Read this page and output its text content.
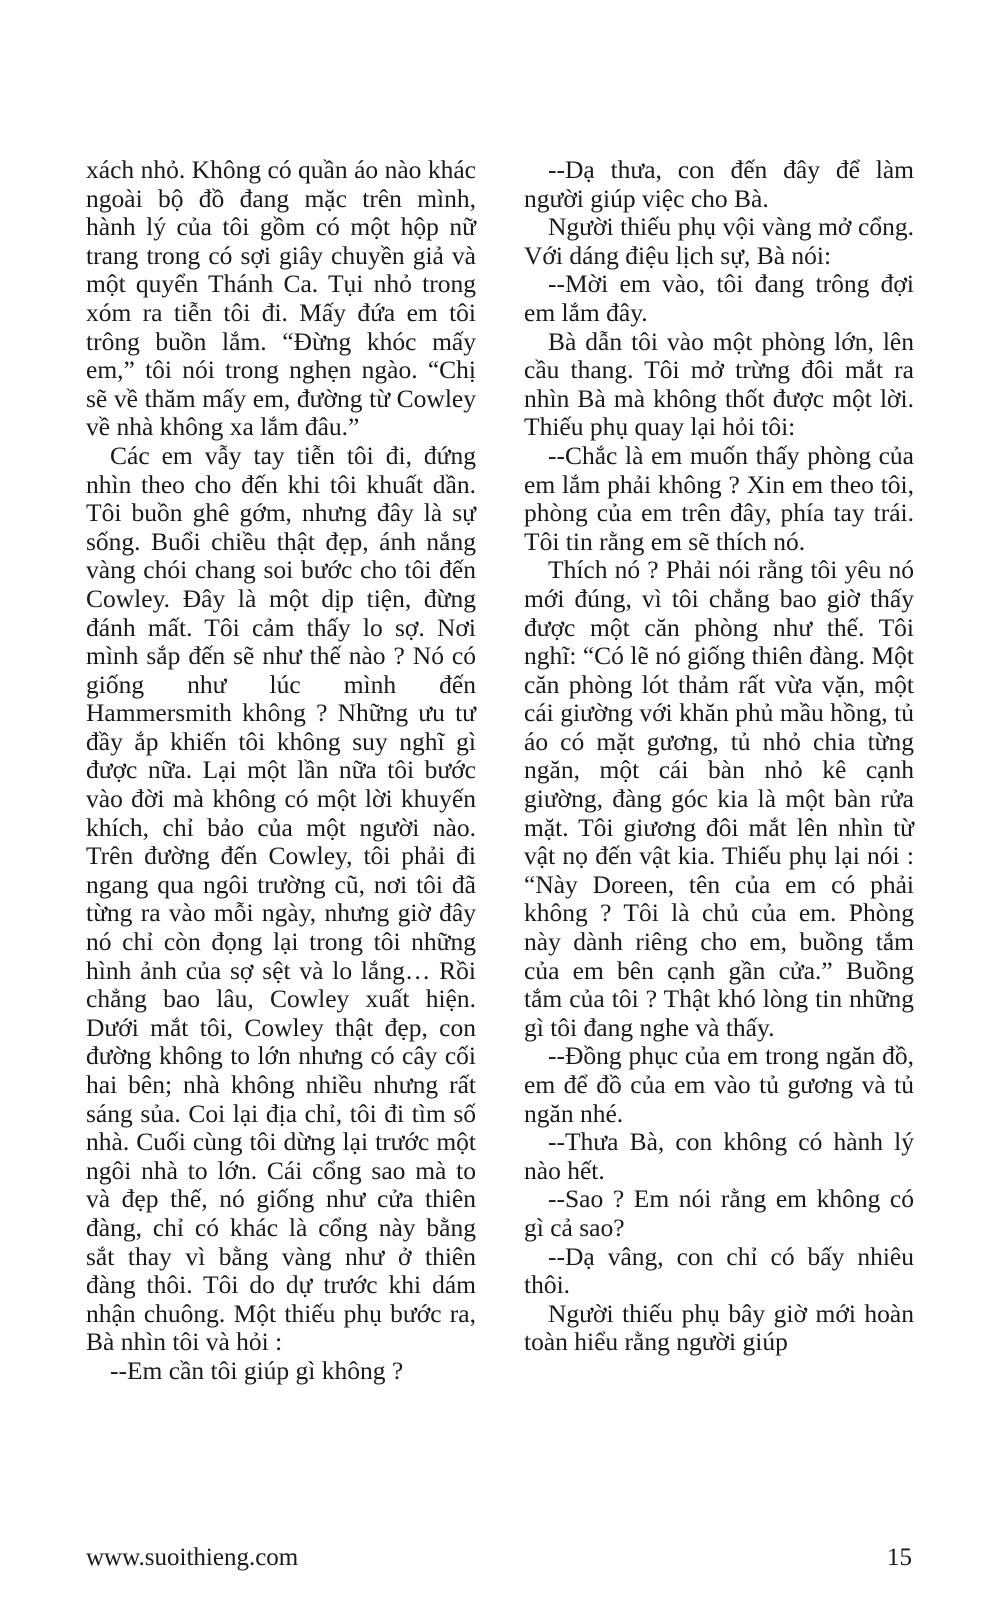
xách nhỏ. Không có quần áo nào khác ngoài bộ đồ đang mặc trên mình, hành lý của tôi gồm có một hộp nữ trang trong có sợi giây chuyền giả và một quyển Thánh Ca. Tụi nhỏ trong xóm ra tiễn tôi đi. Mấy đứa em tôi trông buồn lắm. “Đừng khóc mấy em,” tôi nói trong nghẹn ngào. “Chị sẽ về thăm mấy em, đường từ Cowley về nhà không xa lắm đâu.”

Các em vẫy tay tiễn tôi đi, đứng nhìn theo cho đến khi tôi khuất dần. Tôi buồn ghê gớm, nhưng đây là sự sống. Buổi chiều thật đẹp, ánh nắng vàng chói chang soi bước cho tôi đến Cowley. Đây là một dịp tiện, đừng đánh mất. Tôi cảm thấy lo sợ. Nơi mình sắp đến sẽ như thế nào ? Nó có giống như lúc mình đến Hammersmith không ? Những ưu tư đầy ắp khiến tôi không suy nghĩ gì được nữa. Lại một lần nữa tôi bước vào đời mà không có một lời khuyến khích, chỉ bảo của một người nào. Trên đường đến Cowley, tôi phải đi ngang qua ngôi trường cũ, nơi tôi đã từng ra vào mỗi ngày, nhưng giờ đây nó chỉ còn đọng lại trong tôi những hình ảnh của sợ sệt và lo lắng… Rồi chẳng bao lâu, Cowley xuất hiện. Dưới mắt tôi, Cowley thật đẹp, con đường không to lớn nhưng có cây cối hai bên; nhà không nhiều nhưng rất sáng sủa. Coi lại địa chỉ, tôi đi tìm số nhà. Cuối cùng tôi dừng lại trước một ngôi nhà to lớn. Cái cổng sao mà to và đẹp thế, nó giống như cửa thiên đàng, chỉ có khác là cổng này bằng sắt thay vì bằng vàng như ở thiên đàng thôi. Tôi do dự trước khi dám nhận chuông. Một thiếu phụ bước ra, Bà nhìn tôi và hỏi :

--Em cần tôi giúp gì không ?

--Dạ thưa, con đến đây để làm người giúp việc cho Bà.

Người thiếu phụ vội vàng mở cổng. Với dáng điệu lịch sự, Bà nói:

--Mời em vào, tôi đang trông đợi em lắm đây.

Bà dẫn tôi vào một phòng lớn, lên cầu thang. Tôi mở trừng đôi mắt ra nhìn Bà mà không thốt được một lời. Thiếu phụ quay lại hỏi tôi:

--Chắc là em muốn thấy phòng của em lắm phải không ? Xin em theo tôi, phòng của em trên đây, phía tay trái. Tôi tin rằng em sẽ thích nó.

Thích nó ? Phải nói rằng tôi yêu nó mới đúng, vì tôi chẳng bao giờ thấy được một căn phòng như thế. Tôi nghĩ: “Có lẽ nó giống thiên đàng. Một căn phòng lót thảm rất vừa vặn, một cái giường với khăn phủ mầu hồng, tủ áo có mặt gương, tủ nhỏ chia từng ngăn, một cái bàn nhỏ kê cạnh giường, đàng góc kia là một bàn rửa mặt. Tôi giương đôi mắt lên nhìn từ vật nọ đến vật kia. Thiếu phụ lại nói : “Này Doreen, tên của em có phải không ? Tôi là chủ của em. Phòng này dành riêng cho em, buồng tắm của em bên cạnh gần cửa.” Buồng tắm của tôi ? Thật khó lòng tin những gì tôi đang nghe và thấy.

--Đồng phục của em trong ngăn đồ, em để đồ của em vào tủ gương và tủ ngăn nhé.

--Thưa Bà, con không có hành lý nào hết.

--Sao ? Em nói rằng em không có gì cả sao?

--Dạ vâng, con chỉ có bấy nhiêu thôi.

Người thiếu phụ bây giờ mới hoàn toàn hiểu rằng người giúp

www.suoithieng.com	15
